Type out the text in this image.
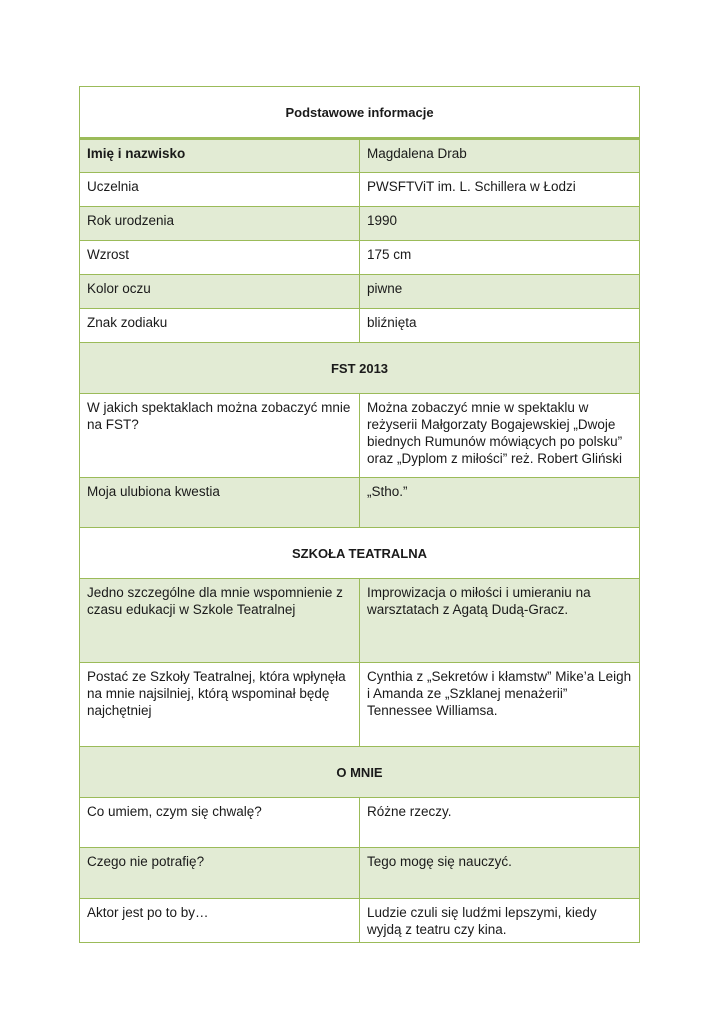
Podstawowe informacje	
Imię i nazwisko	Magdalena Drab
Uczelnia	PWSFTViT im. L. Schillera w Łodzi
Rok urodzenia	1990
Wzrost	175 cm
Kolor oczu	piwne
Znak zodiaku	bliźnięta
FST 2013	
W jakich spektaklach można zobaczyć mnie na FST?	Można zobaczyć mnie w spektaklu w reżyserii Małgorzaty Bogajewskiej „Dwoje biednych Rumunów mówiących po polsku” oraz „Dyplom z miłości” reż. Robert Gliński
Moja ulubiona kwestia	„Stho.”
SZKOŁA TEATRALNA	
Jedno szczególne dla mnie wspomnienie z czasu edukacji w Szkole Teatralnej	Improwizacja o miłości i umieraniu na warsztatach z Agatą Dudą-Gracz.
Postać ze Szkoły Teatralnej, która wpłynęła na mnie najsilniej, którą wspominał będę najchętniej	Cynthia z „Sekretów i kłamstw” Mike’a Leigh i Amanda ze „Szklanej menażerii” Tennessee Williamsa.
O MNIE	
Co umiem, czym się chwalę?	Różne rzeczy.
Czego nie potrafię?	Tego mogę się nauczyć.
Aktor jest po to by…	Ludzie czuli się ludźmi lepszymi, kiedy wyjdą z teatru czy kina.
